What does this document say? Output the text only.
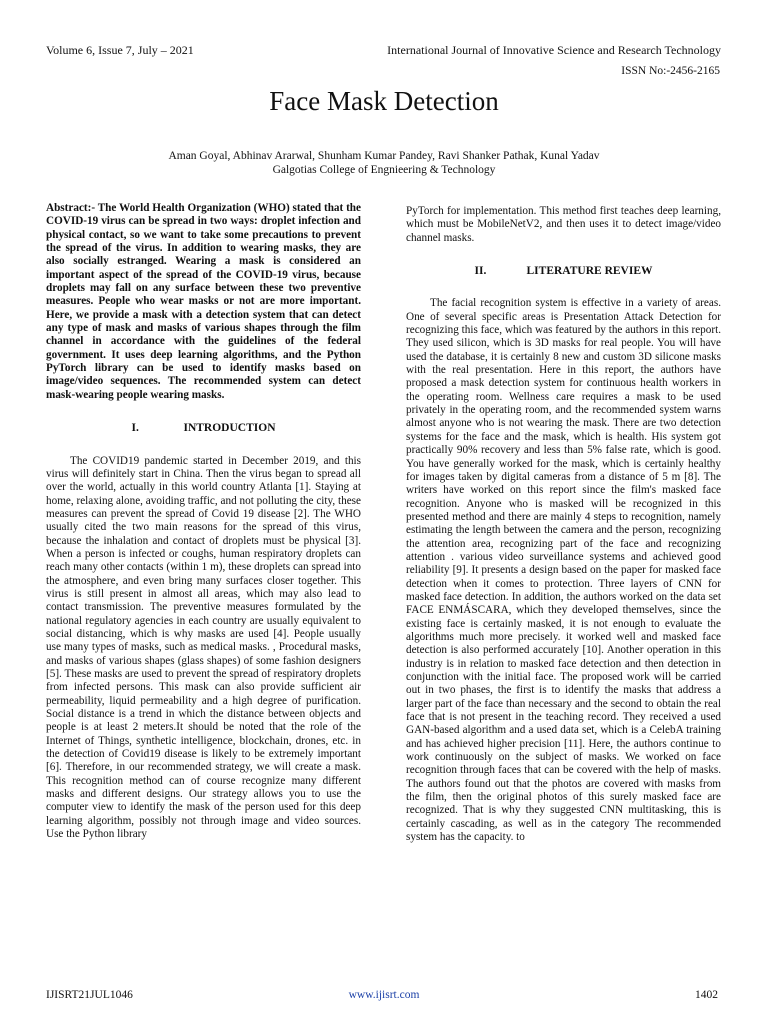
Volume 6, Issue 7, July – 2021	International Journal of Innovative Science and Research Technology
ISSN No:-2456-2165
Face Mask Detection
Aman Goyal, Abhinav Ararwal, Shunham Kumar Pandey, Ravi Shanker Pathak, Kunal Yadav
Galgotias College of Engnieering & Technology

Abstract:- The World Health Organization (WHO) stated that the COVID-19 virus can be spread in two ways: droplet infection and physical contact, so we want to take some precautions to prevent the spread of the virus. In addition to wearing masks, they are also socially estranged. Wearing a mask is considered an important aspect of the spread of the COVID-19 virus, because droplets may fall on any surface between these two preventive measures. People who wear masks or not are more important. Here, we provide a mask with a detection system that can detect any type of mask and masks of various shapes through the film channel in accordance with the guidelines of the federal government. It uses deep learning algorithms, and the Python PyTorch library can be used to identify masks based on image/video sequences. The recommended system can detect mask-wearing people wearing masks.

I.	INTRODUCTION

The COVID19 pandemic started in December 2019, and this virus will definitely start in China. Then the virus began to spread all over the world, actually in this world country Atlanta [1]. Staying at home, relaxing alone, avoiding traffic, and not polluting the city, these measures can prevent the spread of Covid 19 disease [2]. The WHO usually cited the two main reasons for the spread of this virus, because the inhalation and contact of droplets must be physical [3]. When a person is infected or coughs, human respiratory droplets can reach many other contacts (within 1 m), these droplets can spread into the atmosphere, and even bring many surfaces closer together. This virus is still present in almost all areas, which may also lead to contact transmission. The preventive measures formulated by the national regulatory agencies in each country are usually equivalent to social distancing, which is why masks are used [4]. People usually use many types of masks, such as medical masks. , Procedural masks, and masks of various shapes (glass shapes) of some fashion designers [5]. These masks are used to prevent the spread of respiratory droplets from infected persons. This mask can also provide sufficient air permeability, liquid permeability and a high degree of purification. Social distance is a trend in which the distance between objects and people is at least 2 meters.It should be noted that the role of the Internet of Things, synthetic intelligence, blockchain, drones, etc. in the detection of Covid19 disease is likely to be extremely important [6]. Therefore, in our recommended strategy, we will create a mask. This recognition method can of course recognize many different masks and different designs. Our strategy allows you to use the computer view to identify the mask of the person used for this deep learning algorithm, possibly not through image and video sources. Use the Python library

PyTorch for implementation. This method first teaches deep learning, which must be MobileNetV2, and then uses it to detect image/video channel masks.

II.	LITERATURE REVIEW

The facial recognition system is effective in a variety of areas. One of several specific areas is Presentation Attack Detection for recognizing this face, which was featured by the authors in this report. They used silicon, which is 3D masks for real people. You will have used the database, it is certainly 8 new and custom 3D silicone masks with the real presentation. Here in this report, the authors have proposed a mask detection system for continuous health workers in the operating room. Wellness care requires a mask to be used privately in the operating room, and the recommended system warns almost anyone who is not wearing the mask. There are two detection systems for the face and the mask, which is health. His system got practically 90% recovery and less than 5% false rate, which is good. You have generally worked for the mask, which is certainly healthy for images taken by digital cameras from a distance of 5 m [8]. The writers have worked on this report since the film's masked face recognition. Anyone who is masked will be recognized in this presented method and there are mainly 4 steps to recognition, namely estimating the length between the camera and the person, recognizing the attention area, recognizing part of the face and recognizing attention . various video surveillance systems and achieved good reliability [9]. It presents a design based on the paper for masked face detection when it comes to protection. Three layers of CNN for masked face detection. In addition, the authors worked on the data set FACE ENMÁSCARA, which they developed themselves, since the existing face is certainly masked, it is not enough to evaluate the algorithms much more precisely. it worked well and masked face detection is also performed accurately [10]. Another operation in this industry is in relation to masked face detection and then detection in conjunction with the initial face. The proposed work will be carried out in two phases, the first is to identify the masks that address a larger part of the face than necessary and the second to obtain the real face that is not present in the teaching record. They received a used GAN-based algorithm and a used data set, which is a CelebA training and has achieved higher precision [11]. Here, the authors continue to work continuously on the subject of masks. We worked on face recognition through faces that can be covered with the help of masks. The authors found out that the photos are covered with masks from the film, then the original photos of this surely masked face are recognized. That is why they suggested CNN multitasking, this is certainly cascading, as well as in the category The recommended system has the capacity. to

IJISRT21JUL1046	www.ijisrt.com	1402
